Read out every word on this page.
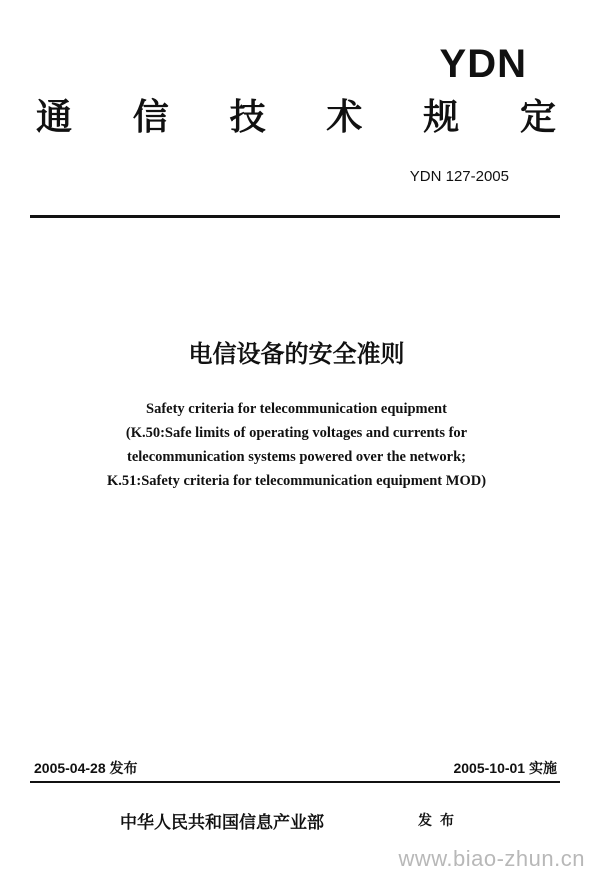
YDN
通 信 技 术 规 定
YDN 127-2005
电信设备的安全准则
Safety criteria for telecommunication equipment
(K.50:Safe limits of operating voltages and currents for
telecommunication systems powered over the network;
K.51:Safety criteria for telecommunication equipment MOD)
2005-04-28 发布	2005-10-01 实施
中华人民共和国信息产业部	发布
www.biao-zhun.cn
